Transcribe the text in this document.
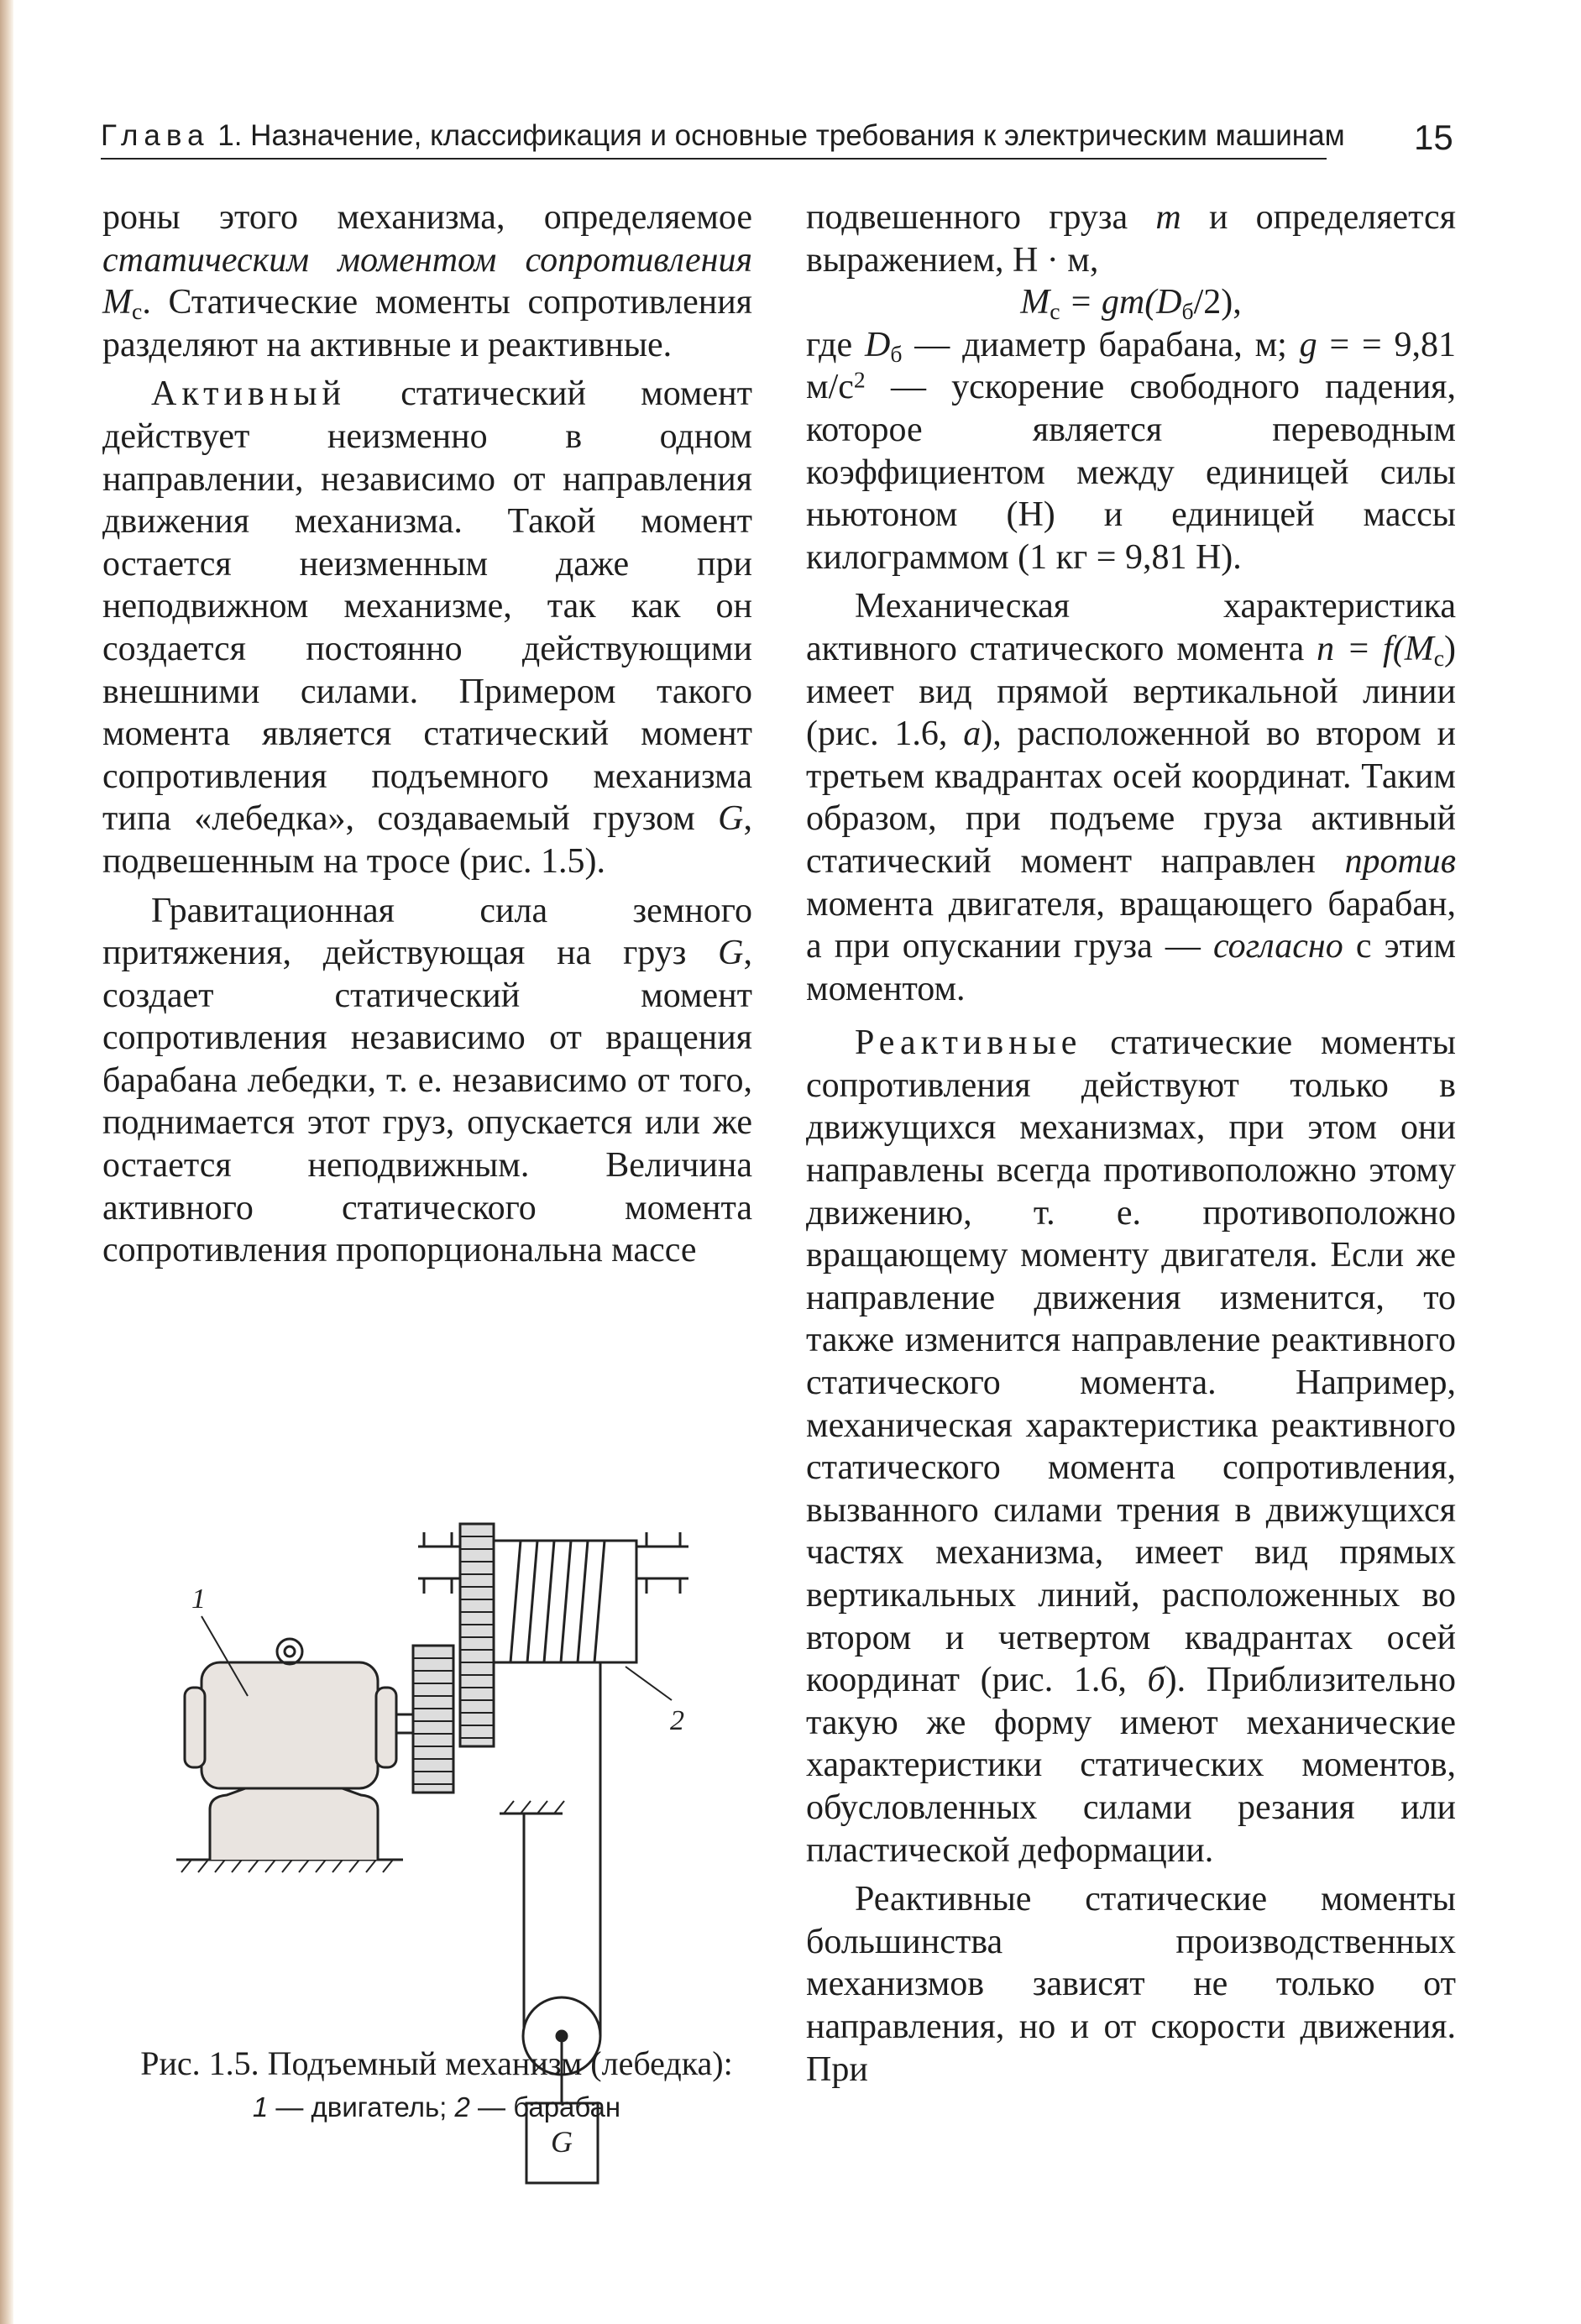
Глава 1. Назначение, классификация и основные требования к электрическим машинам 15

роны этого механизма, определяемое статическим моментом сопротивления $M_c$. Статические моменты сопротивления разделяют на активные и реактивные.

Активный статический момент действует неизменно в одном направлении, независимо от направления движения механизма. Такой момент остается неизменным даже при неподвижном механизме, так как он создается постоянно действующими внешними силами. Примером такого момента является статический момент сопротивления подъемного механизма типа «лебедка», создаваемый грузом G, подвешенным на тросе (рис. 1.5).

Гравитационная сила земного притяжения, действующая на груз G, создает статический момент сопротивления независимо от вращения барабана лебедки, т. е. независимо от того, поднимается этот груз, опускается или же остается неподвижным. Величина активного статического момента сопротивления пропорциональна массе

1
2
G
Рис. 1.5. Подъемный механизм (лебедка):
1 — двигатель; 2 — барабан

подвешенного груза m и определяется выражением, Н · м,

$M_c = gm(D_б/2)$,

где $D_б$ — диаметр барабана, м; g = = 9,81 $м/с^2$ — ускорение свободного падения, которое является переводным коэффициентом между единицей силы ньютоном (Н) и единицей массы килограммом (1 кг = 9,81 Н).

Механическая характеристика активного статического момента $n = f(M_c)$ имеет вид прямой вертикальной линии (рис. 1.6, а), расположенной во втором и третьем квадрантах осей координат. Таким образом, при подъеме груза активный статический момент направлен против момента двигателя, вращающего барабан, а при опускании груза — согласно с этим моментом.

Реактивные статические моменты сопротивления действуют только в движущихся механизмах, при этом они направлены всегда противоположно этому движению, т. е. противоположно вращающему моменту двигателя. Если же направление движения изменится, то также изменится направление реактивного статического момента. Например, механическая характеристика реактивного статического момента сопротивления, вызванного силами трения в движущихся частях механизма, имеет вид прямых вертикальных линий, расположенных во втором и четвертом квадрантах осей координат (рис. 1.6, б). Приблизительно такую же форму имеют механические характеристики статических моментов, обусловленных силами резания или пластической деформации.

Реактивные статические моменты большинства производственных механизмов зависят не только от направления, но и от скорости движения. При
